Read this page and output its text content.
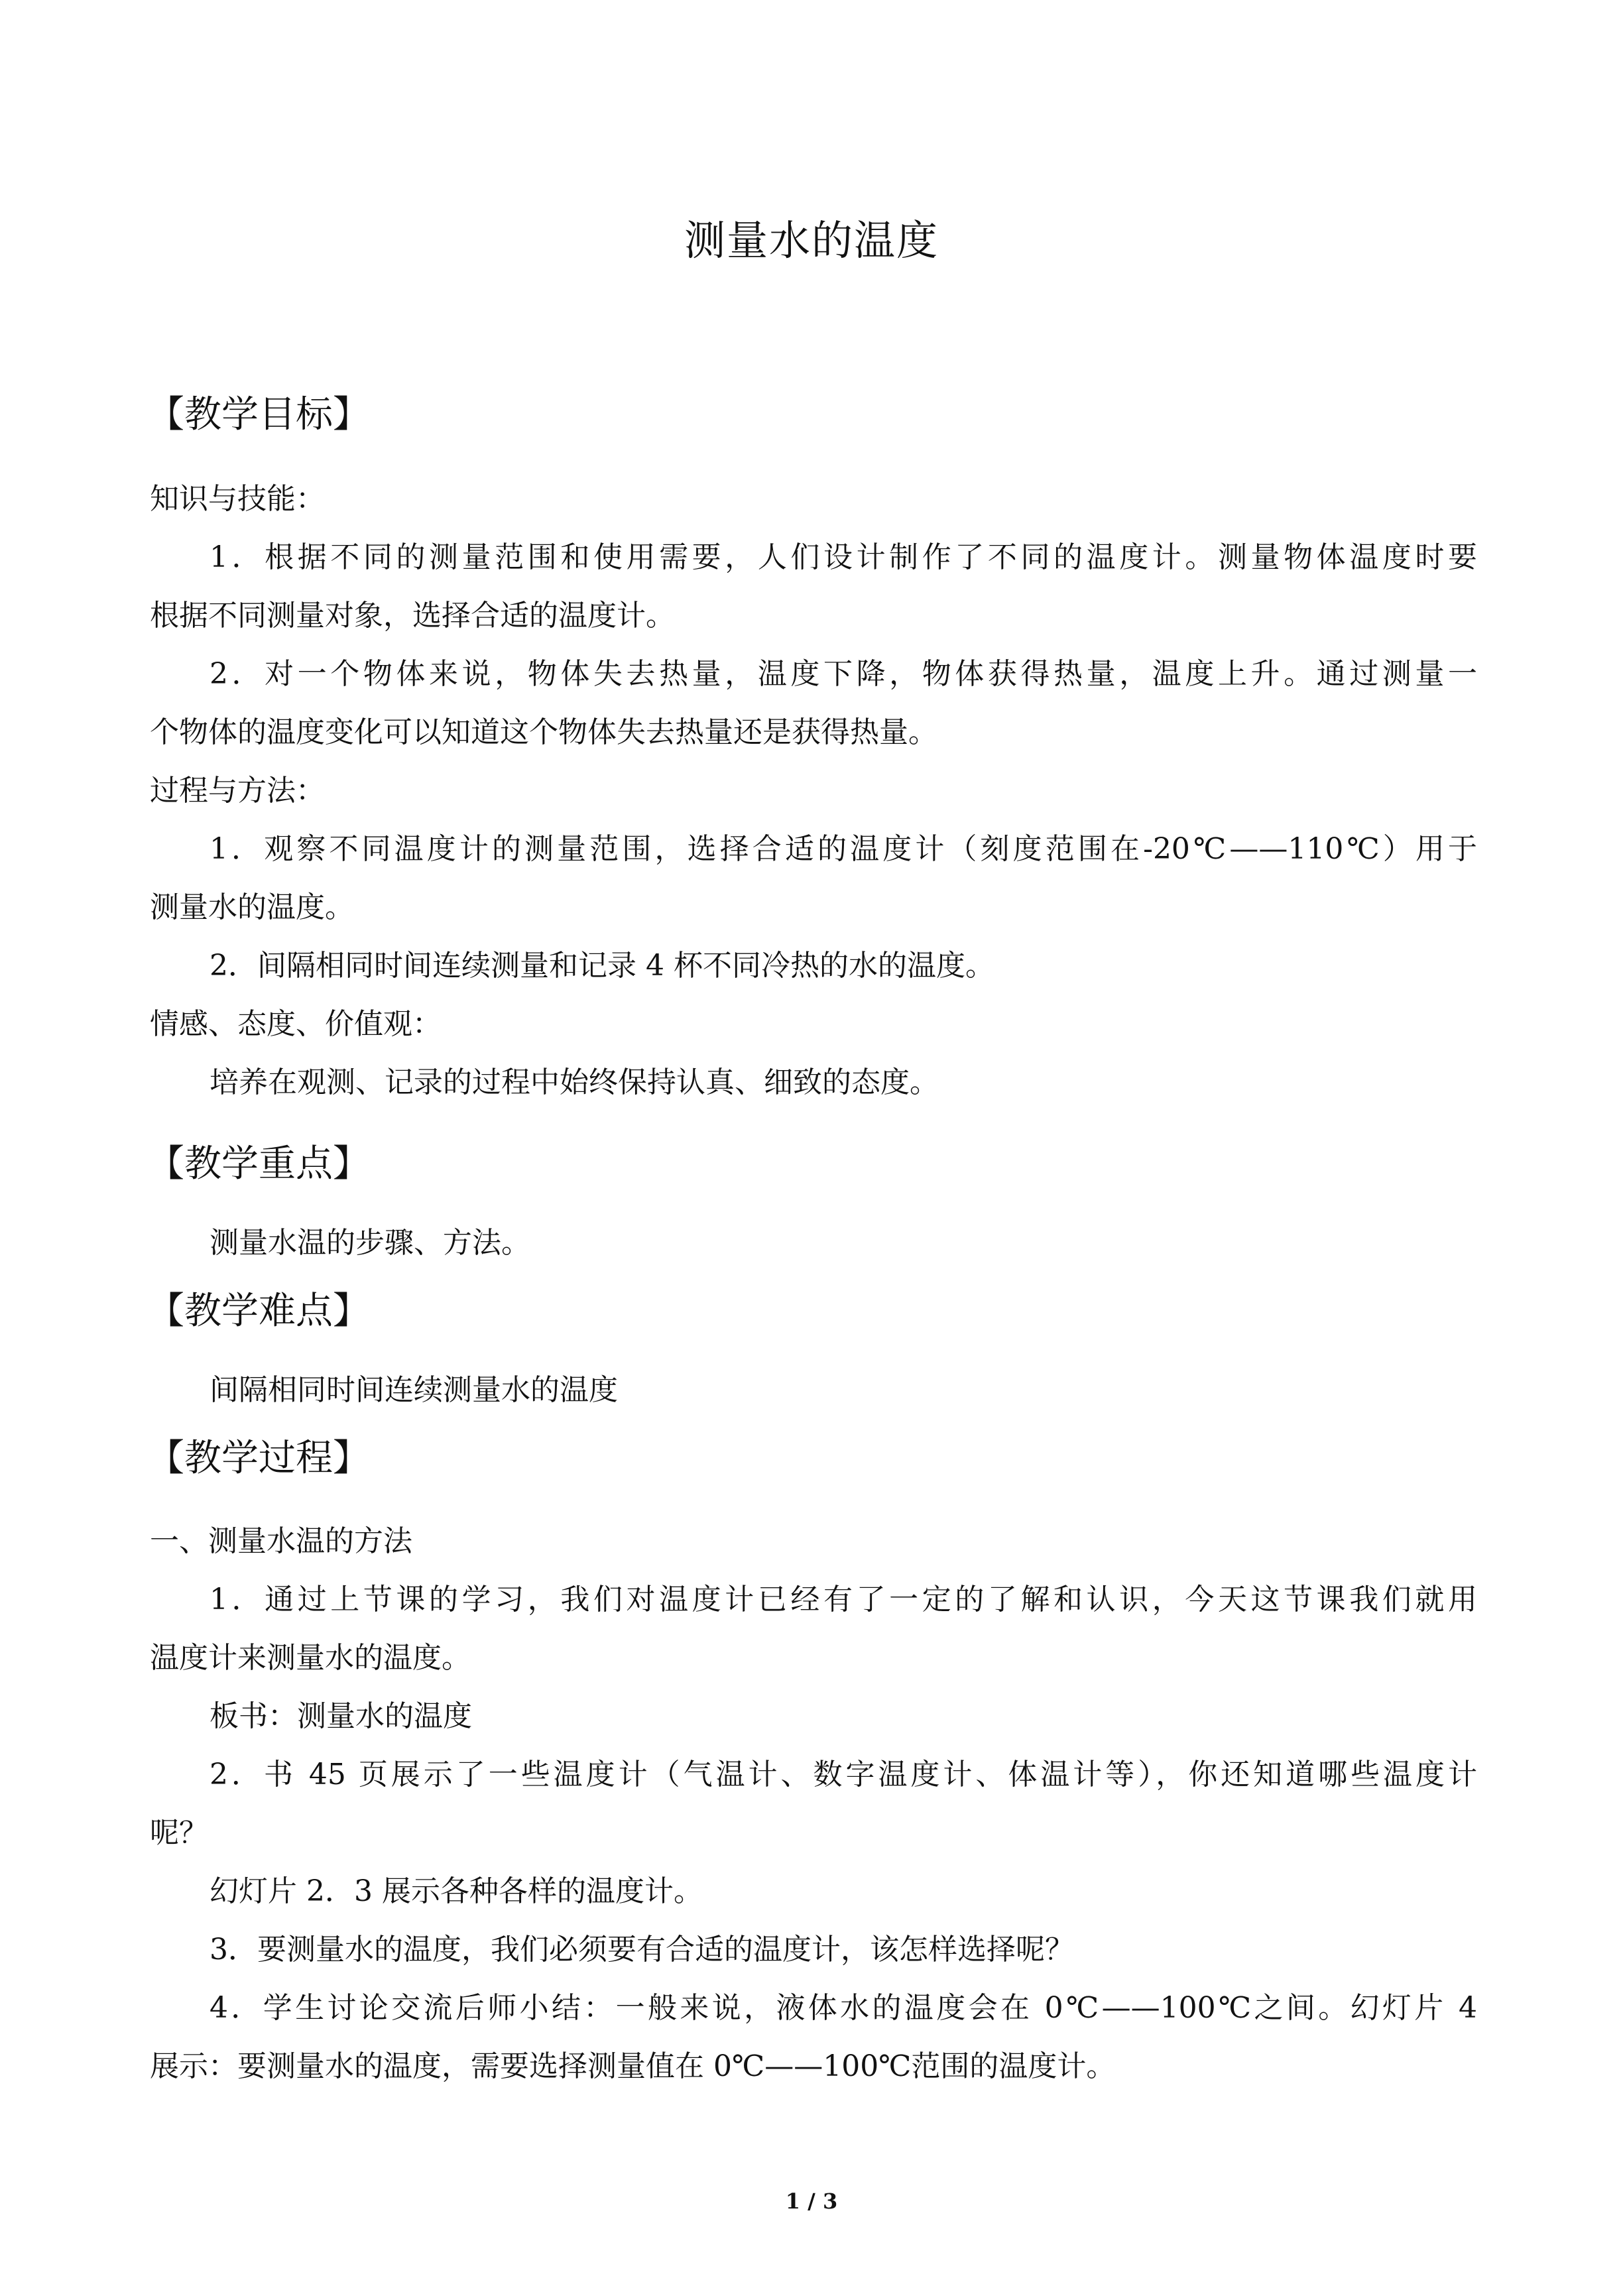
测量水的温度
【教学目标】
知识与技能：
1．根据不同的测量范围和使用需要，人们设计制作了不同的温度计。测量物体温度时要
根据不同测量对象，选择合适的温度计。
2．对一个物体来说，物体失去热量，温度下降，物体获得热量，温度上升。通过测量一
个物体的温度变化可以知道这个物体失去热量还是获得热量。
过程与方法：
1．观察不同温度计的测量范围，选择合适的温度计（刻度范围在-20℃——110℃）用于
测量水的温度。
2．间隔相同时间连续测量和记录 4 杯不同冷热的水的温度。
情感、态度、价值观：
培养在观测、记录的过程中始终保持认真、细致的态度。
【教学重点】
测量水温的步骤、方法。
【教学难点】
间隔相同时间连续测量水的温度
【教学过程】
一、测量水温的方法
1．通过上节课的学习，我们对温度计已经有了一定的了解和认识，今天这节课我们就用
温度计来测量水的温度。
板书：测量水的温度
2．书 45 页展示了一些温度计（气温计、数字温度计、体温计等），你还知道哪些温度计
呢？
幻灯片 2．3 展示各种各样的温度计。
3．要测量水的温度，我们必须要有合适的温度计，该怎样选择呢？
4．学生讨论交流后师小结：一般来说，液体水的温度会在 0℃——100℃之间。幻灯片 4
展示：要测量水的温度，需要选择测量值在 0℃——100℃范围的温度计。
1 / 3
